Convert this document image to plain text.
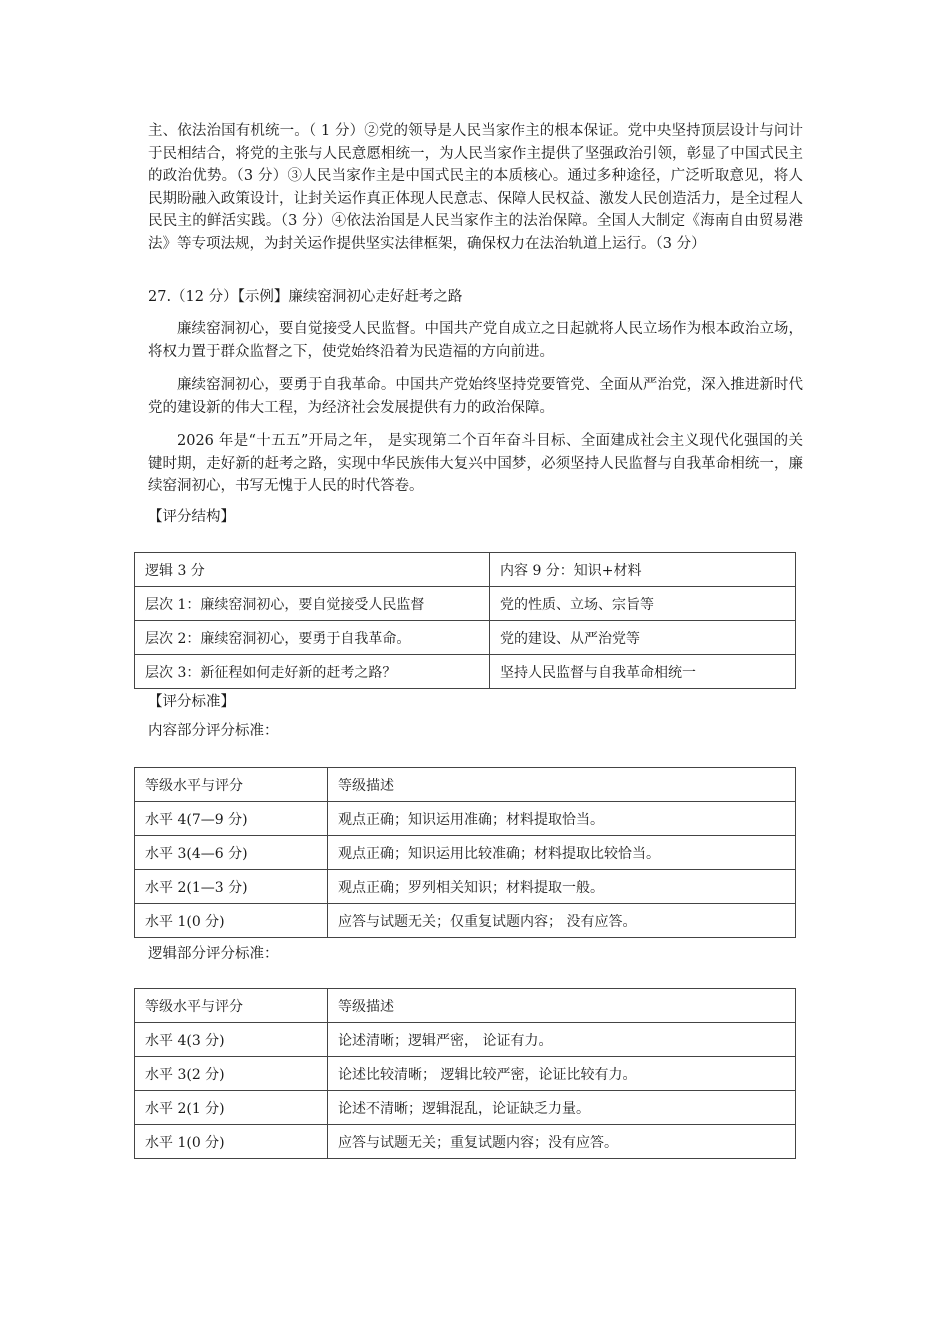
主、依法治国有机统一。（ 1 分）②党的领导是人民当家作主的根本保证。党中央坚持顶层设计与问计于民相结合，将党的主张与人民意愿相统一，为人民当家作主提供了坚强政治引领，彰显了中国式民主的政治优势。（3 分）③人民当家作主是中国式民主的本质核心。通过多种途径，广泛听取意见，将人民期盼融入政策设计，让封关运作真正体现人民意志、保障人民权益、激发人民创造活力，是全过程人民民主的鲜活实践。（3 分）④依法治国是人民当家作主的法治保障。全国人大制定《海南自由贸易港法》等专项法规，为封关运作提供坚实法律框架，确保权力在法治轨道上运行。（3 分）

27.（12 分）【示例】廉续窑洞初心走好赶考之路

廉续窑洞初心，要自觉接受人民监督。中国共产党自成立之日起就将人民立场作为根本政治立场，将权力置于群众监督之下，使党始终沿着为民造福的方向前进。

廉续窑洞初心，要勇于自我革命。中国共产党始终坚持党要管党、全面从严治党，深入推进新时代党的建设新的伟大工程，为经济社会发展提供有力的政治保障。

2026 年是“十五五”开局之年， 是实现第二个百年奋斗目标、全面建成社会主义现代化强国的关键时期，走好新的赶考之路，实现中华民族伟大复兴中国梦，必须坚持人民监督与自我革命相统一，廉续窑洞初心，书写无愧于人民的时代答卷。

【评分结构】

逻辑 3 分	内容 9 分：知识+材料
层次 1：廉续窑洞初心，要自觉接受人民监督	党的性质、立场、宗旨等
层次 2：廉续窑洞初心，要勇于自我革命。	党的建设、从严治党等
层次 3：新征程如何走好新的赶考之路？	坚持人民监督与自我革命相统一

【评分标准】

内容部分评分标准：

等级水平与评分	等级描述
水平 4(7—9 分)	观点正确；知识运用准确；材料提取恰当。
水平 3(4—6 分)	观点正确；知识运用比较准确；材料提取比较恰当。
水平 2(1—3 分)	观点正确；罗列相关知识；材料提取一般。
水平 1(0 分)	应答与试题无关；仅重复试题内容； 没有应答。

逻辑部分评分标准：

等级水平与评分	等级描述
水平 4(3 分)	论述清晰；逻辑严密， 论证有力。
水平 3(2 分)	论述比较清晰； 逻辑比较严密，论证比较有力。
水平 2(1 分)	论述不清晰；逻辑混乱，论证缺乏力量。
水平 1(0 分)	应答与试题无关；重复试题内容；没有应答。
